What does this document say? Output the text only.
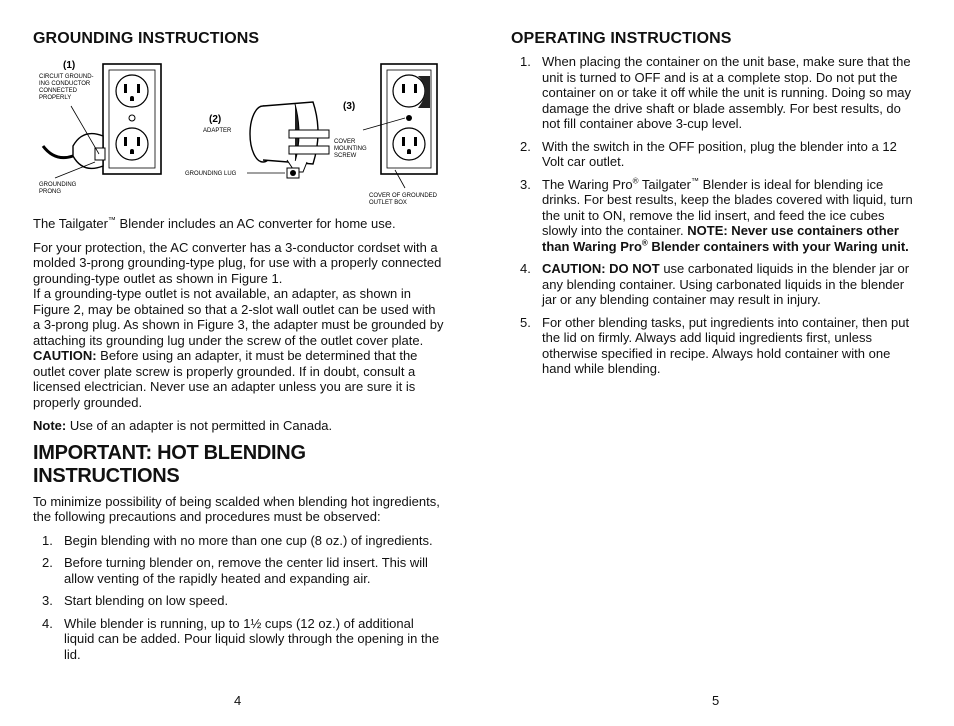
GROUNDING INSTRUCTIONS
(1)
CIRCUIT GROUND-
ING CONDUCTOR
CONNECTED
PROPERLY
GROUNDING
PRONG
(2)
ADAPTER
GROUNDING LUG
(3)
COVER
MOUNTING
SCREW
COVER OF GROUNDED
OUTLET BOX

The Tailgater™ Blender includes an AC converter for home use.

For your protection, the AC converter has a 3-conductor cordset with a molded 3-prong grounding-type plug, for use with a properly connected grounding-type outlet as shown in Figure 1.

If a grounding-type outlet is not available, an adapter, as shown in Figure 2, may be obtained so that a 2-slot wall outlet can be used with a 3-prong plug. As shown in Figure 3, the adapter must be grounded by attaching its grounding lug under the screw of the outlet cover plate. CAUTION: Before using an adapter, it must be determined that the outlet cover plate screw is properly grounded. If in doubt, consult a licensed electrician. Never use an adapter unless you are sure it is properly grounded.

Note: Use of an adapter is not permitted in Canada.

IMPORTANT: HOT BLENDING INSTRUCTIONS

To minimize possibility of being scalded when blending hot ingredients, the following precautions and procedures must be observed:

1. Begin blending with no more than one cup (8 oz.) of ingredients.
2. Before turning blender on, remove the center lid insert. This will allow venting of the rapidly heated and expanding air.
3. Start blending on low speed.
4. While blender is running, up to 1½ cups (12 oz.) of additional liquid can be added. Pour liquid slowly through the opening in the lid.
4
OPERATING INSTRUCTIONS
1. When placing the container on the unit base, make sure that the unit is turned to OFF and is at a complete stop. Do not put the container on or take it off while the unit is running. Doing so may damage the drive shaft or blade assembly. For best results, do not fill container above 3-cup level.
2. With the switch in the OFF position, plug the blender into a 12 Volt car outlet.
3. The Waring Pro® Tailgater™ Blender is ideal for blending ice drinks. For best results, keep the blades covered with liquid, turn the unit to ON, remove the lid insert, and feed the ice cubes slowly into the container. NOTE: Never use containers other than Waring Pro® Blender containers with your Waring unit.
4. CAUTION: DO NOT use carbonated liquids in the blender jar or any blending container. Using carbonated liquids in the blender jar or any blending container may result in injury.
5. For other blending tasks, put ingredients into container, then put the lid on firmly. Always add liquid ingredients first, unless otherwise specified in recipe. Always hold container with one hand while blending.
5
